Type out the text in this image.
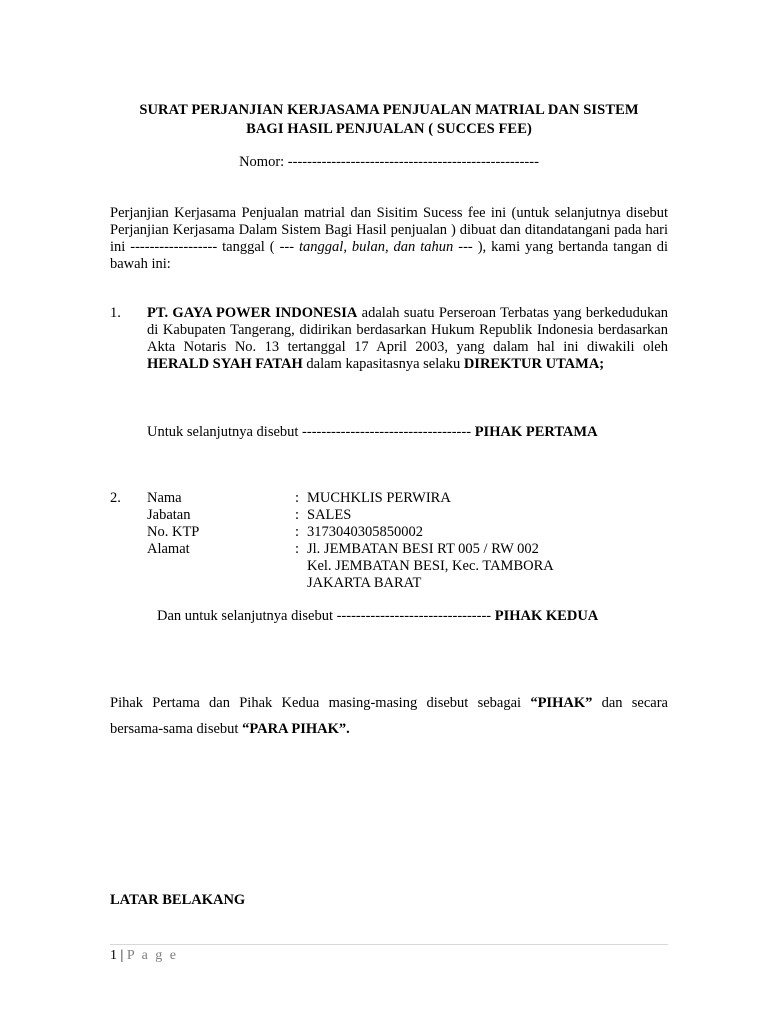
SURAT PERJANJIAN KERJASAMA PENJUALAN MATRIAL DAN SISTEM
BAGI HASIL PENJUALAN ( SUCCES FEE)
Nomor: ----------------------------------------------------
Perjanjian Kerjasama Penjualan matrial dan Sisitim Sucess fee ini (untuk selanjutnya disebut Perjanjian Kerjasama Dalam Sistem Bagi Hasil penjualan ) dibuat dan ditandatangani pada hari ini ------------------ tanggal ( --- tanggal, bulan, dan tahun --- ), kami yang bertanda tangan di bawah ini:
1. PT. GAYA POWER INDONESIA adalah suatu Perseroan Terbatas yang berkedudukan di Kabupaten Tangerang, didirikan berdasarkan Hukum Republik Indonesia berdasarkan Akta Notaris No. 13 tertanggal 17 April 2003, yang dalam hal ini diwakili oleh HERALD SYAH FATAH dalam kapasitasnya selaku DIREKTUR UTAMA;
Untuk selanjutnya disebut ----------------------------------- PIHAK PERTAMA
2. Nama	: MUCHKLIS PERWIRA
Jabatan	: SALES
No. KTP	: 3173040305850002
Alamat	: Jl. JEMBATAN BESI RT 005 / RW 002
Kel. JEMBATAN BESI, Kec. TAMBORA
JAKARTA BARAT
Dan untuk selanjutnya disebut -------------------------------- PIHAK KEDUA
Pihak Pertama dan Pihak Kedua masing-masing disebut sebagai “PIHAK” dan secara bersama-sama disebut “PARA PIHAK”.
LATAR BELAKANG
1 | P a g e
